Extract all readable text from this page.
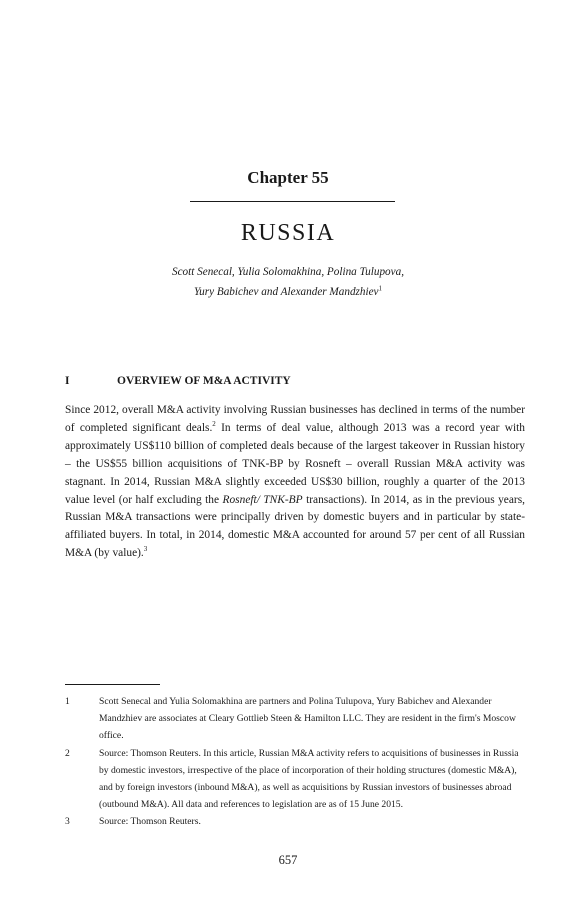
Chapter 55
RUSSIA
Scott Senecal, Yulia Solomakhina, Polina Tulupova,
Yury Babichev and Alexander Mandzhiev$^1$
I	OVERVIEW OF M&A ACTIVITY

Since 2012, overall M&A activity involving Russian businesses has declined in terms of the number of completed significant deals.$^2$ In terms of deal value, although 2013 was a record year with approximately US$110 billion of completed deals because of the largest takeover in Russian history – the US$55 billion acquisitions of TNK-BP by Rosneft – overall Russian M&A activity was stagnant. In 2014, Russian M&A slightly exceeded US$30 billion, roughly a quarter of the 2013 value level (or half excluding the Rosneft/ TNK-BP transactions). In 2014, as in the previous years, Russian M&A transactions were principally driven by domestic buyers and in particular by state-affiliated buyers. In total, in 2014, domestic M&A accounted for around 57 per cent of all Russian M&A (by value).$^3$

1	Scott Senecal and Yulia Solomakhina are partners and Polina Tulupova, Yury Babichev and Alexander Mandzhiev are associates at Cleary Gottlieb Steen & Hamilton LLC. They are resident in the firm's Moscow office.

2	Source: Thomson Reuters. In this article, Russian M&A activity refers to acquisitions of businesses in Russia by domestic investors, irrespective of the place of incorporation of their holding structures (domestic M&A), and by foreign investors (inbound M&A), as well as acquisitions by Russian investors of businesses abroad (outbound M&A). All data and references to legislation are as of 15 June 2015.

3	Source: Thomson Reuters.

657
